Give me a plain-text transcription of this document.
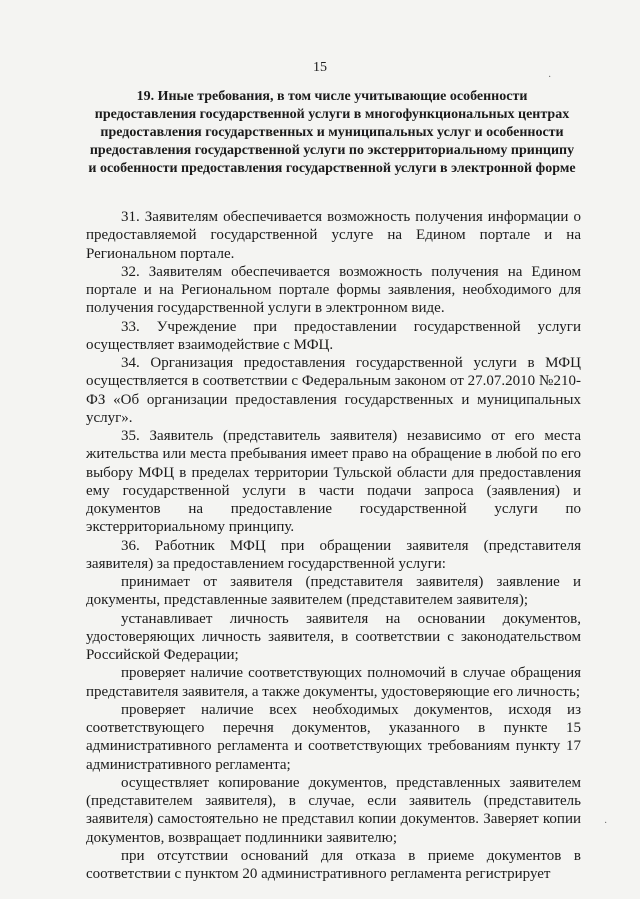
15
19. Иные требования, в том числе учитывающие особенности предоставления государственной услуги в многофункциональных центрах предоставления государственных и муниципальных услуг и особенности предоставления государственной услуги по экстерриториальному принципу и особенности предоставления государственной услуги в электронной форме

31. Заявителям обеспечивается возможность получения информации о предоставляемой государственной услуге на Едином портале и на Региональном портале.

32. Заявителям обеспечивается возможность получения на Едином портале и на Региональном портале формы заявления, необходимого для получения государственной услуги в электронном виде.

33. Учреждение при предоставлении государственной услуги осуществляет взаимодействие с МФЦ.

34. Организация предоставления государственной услуги в МФЦ осуществляется в соответствии с Федеральным законом от 27.07.2010 №210-ФЗ «Об организации предоставления государственных и муниципальных услуг».

35. Заявитель (представитель заявителя) независимо от его места жительства или места пребывания имеет право на обращение в любой по его выбору МФЦ в пределах территории Тульской области для предоставления ему государственной услуги в части подачи запроса (заявления) и документов на предоставление государственной услуги по экстерриториальному принципу.

36. Работник МФЦ при обращении заявителя (представителя заявителя) за предоставлением государственной услуги:

принимает от заявителя (представителя заявителя) заявление и документы, представленные заявителем (представителем заявителя);

устанавливает личность заявителя на основании документов, удостоверяющих личность заявителя, в соответствии с законодательством Российской Федерации;

проверяет наличие соответствующих полномочий в случае обращения представителя заявителя, а также документы, удостоверяющие его личность;

проверяет наличие всех необходимых документов, исходя из соответствующего перечня документов, указанного в пункте 15 административного регламента и соответствующих требованиям пункту 17 административного регламента;

осуществляет копирование документов, представленных заявителем (представителем заявителя), в случае, если заявитель (представитель заявителя) самостоятельно не представил копии документов. Заверяет копии документов, возвращает подлинники заявителю;

при отсутствии оснований для отказа в приеме документов в соответствии с пунктом 20 административного регламента регистрирует

·
·
